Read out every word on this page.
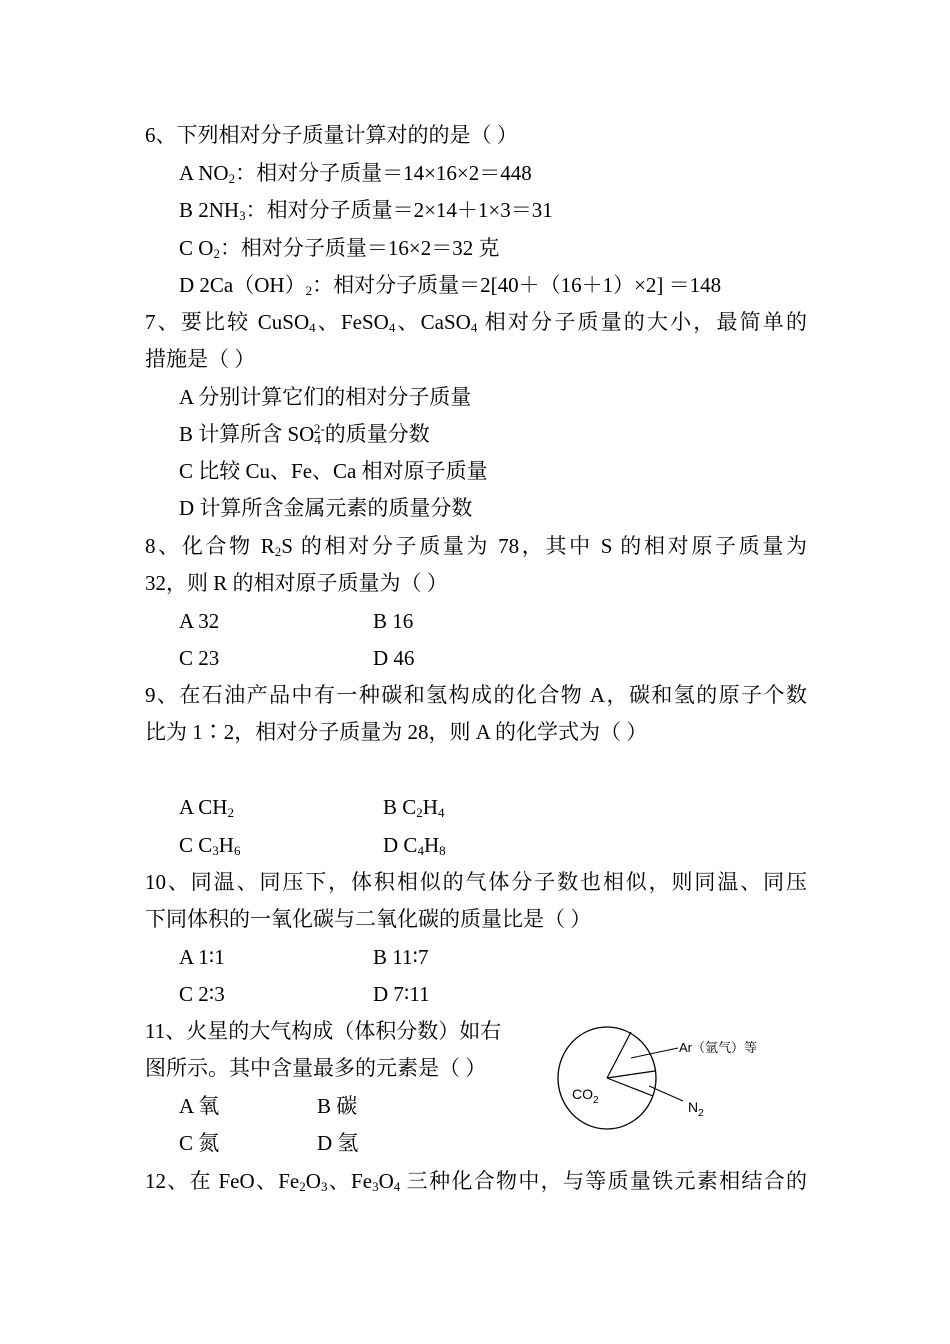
6、下列相对分子质量计算对的的是（ ）
A $NO_2$：相对分子质量＝14×16×2＝448
B $2NH_3$：相对分子质量＝2×14＋1×3＝31
C $O_2$：相对分子质量＝16×2＝32 克
D $2Ca(OH)_2$：相对分子质量＝2[40＋（16＋1）×2] ＝148
7、要比较 CuSO$_4$、FeSO$_4$、CaSO$_4$ 相对分子质量的大小，最简单的
措施是（ ）
A 分别计算它们的相对分子质量
B 计算所含 $SO_4^{2-}$的质量分数
C 比较 Cu、Fe、Ca 相对原子质量
D 计算所含金属元素的质量分数
8、化合物 $R_2S$ 的相对分子质量为 78，其中 S 的相对原子质量为
32，则 R 的相对原子质量为（ ）
A 32	B 16
C 23	D 46
9、在石油产品中有一种碳和氢构成的化合物 A，碳和氢的原子个数
比为 1∶2，相对分子质量为 28，则 A 的化学式为（ ）
A $CH_2$	B $C_2H_4$
C $C_3H_6$	D $C_4H_8$
10、同温、同压下，体积相似的气体分子数也相似，则同温、同压
下同体积的一氧化碳与二氧化碳的质量比是（ ）
A 1∶1	B 11∶7
C 2∶3	D 7∶11
11、火星的大气构成（体积分数）如右
图所示。其中含量最多的元素是（ ）
A 氧	B 碳
C 氮	D 氢
$CO_2$
Ar（氩气）等
$N_2$
12、在 FeO、$Fe_2O_3$、$Fe_3O_4$ 三种化合物中，与等质量铁元素相结合的
